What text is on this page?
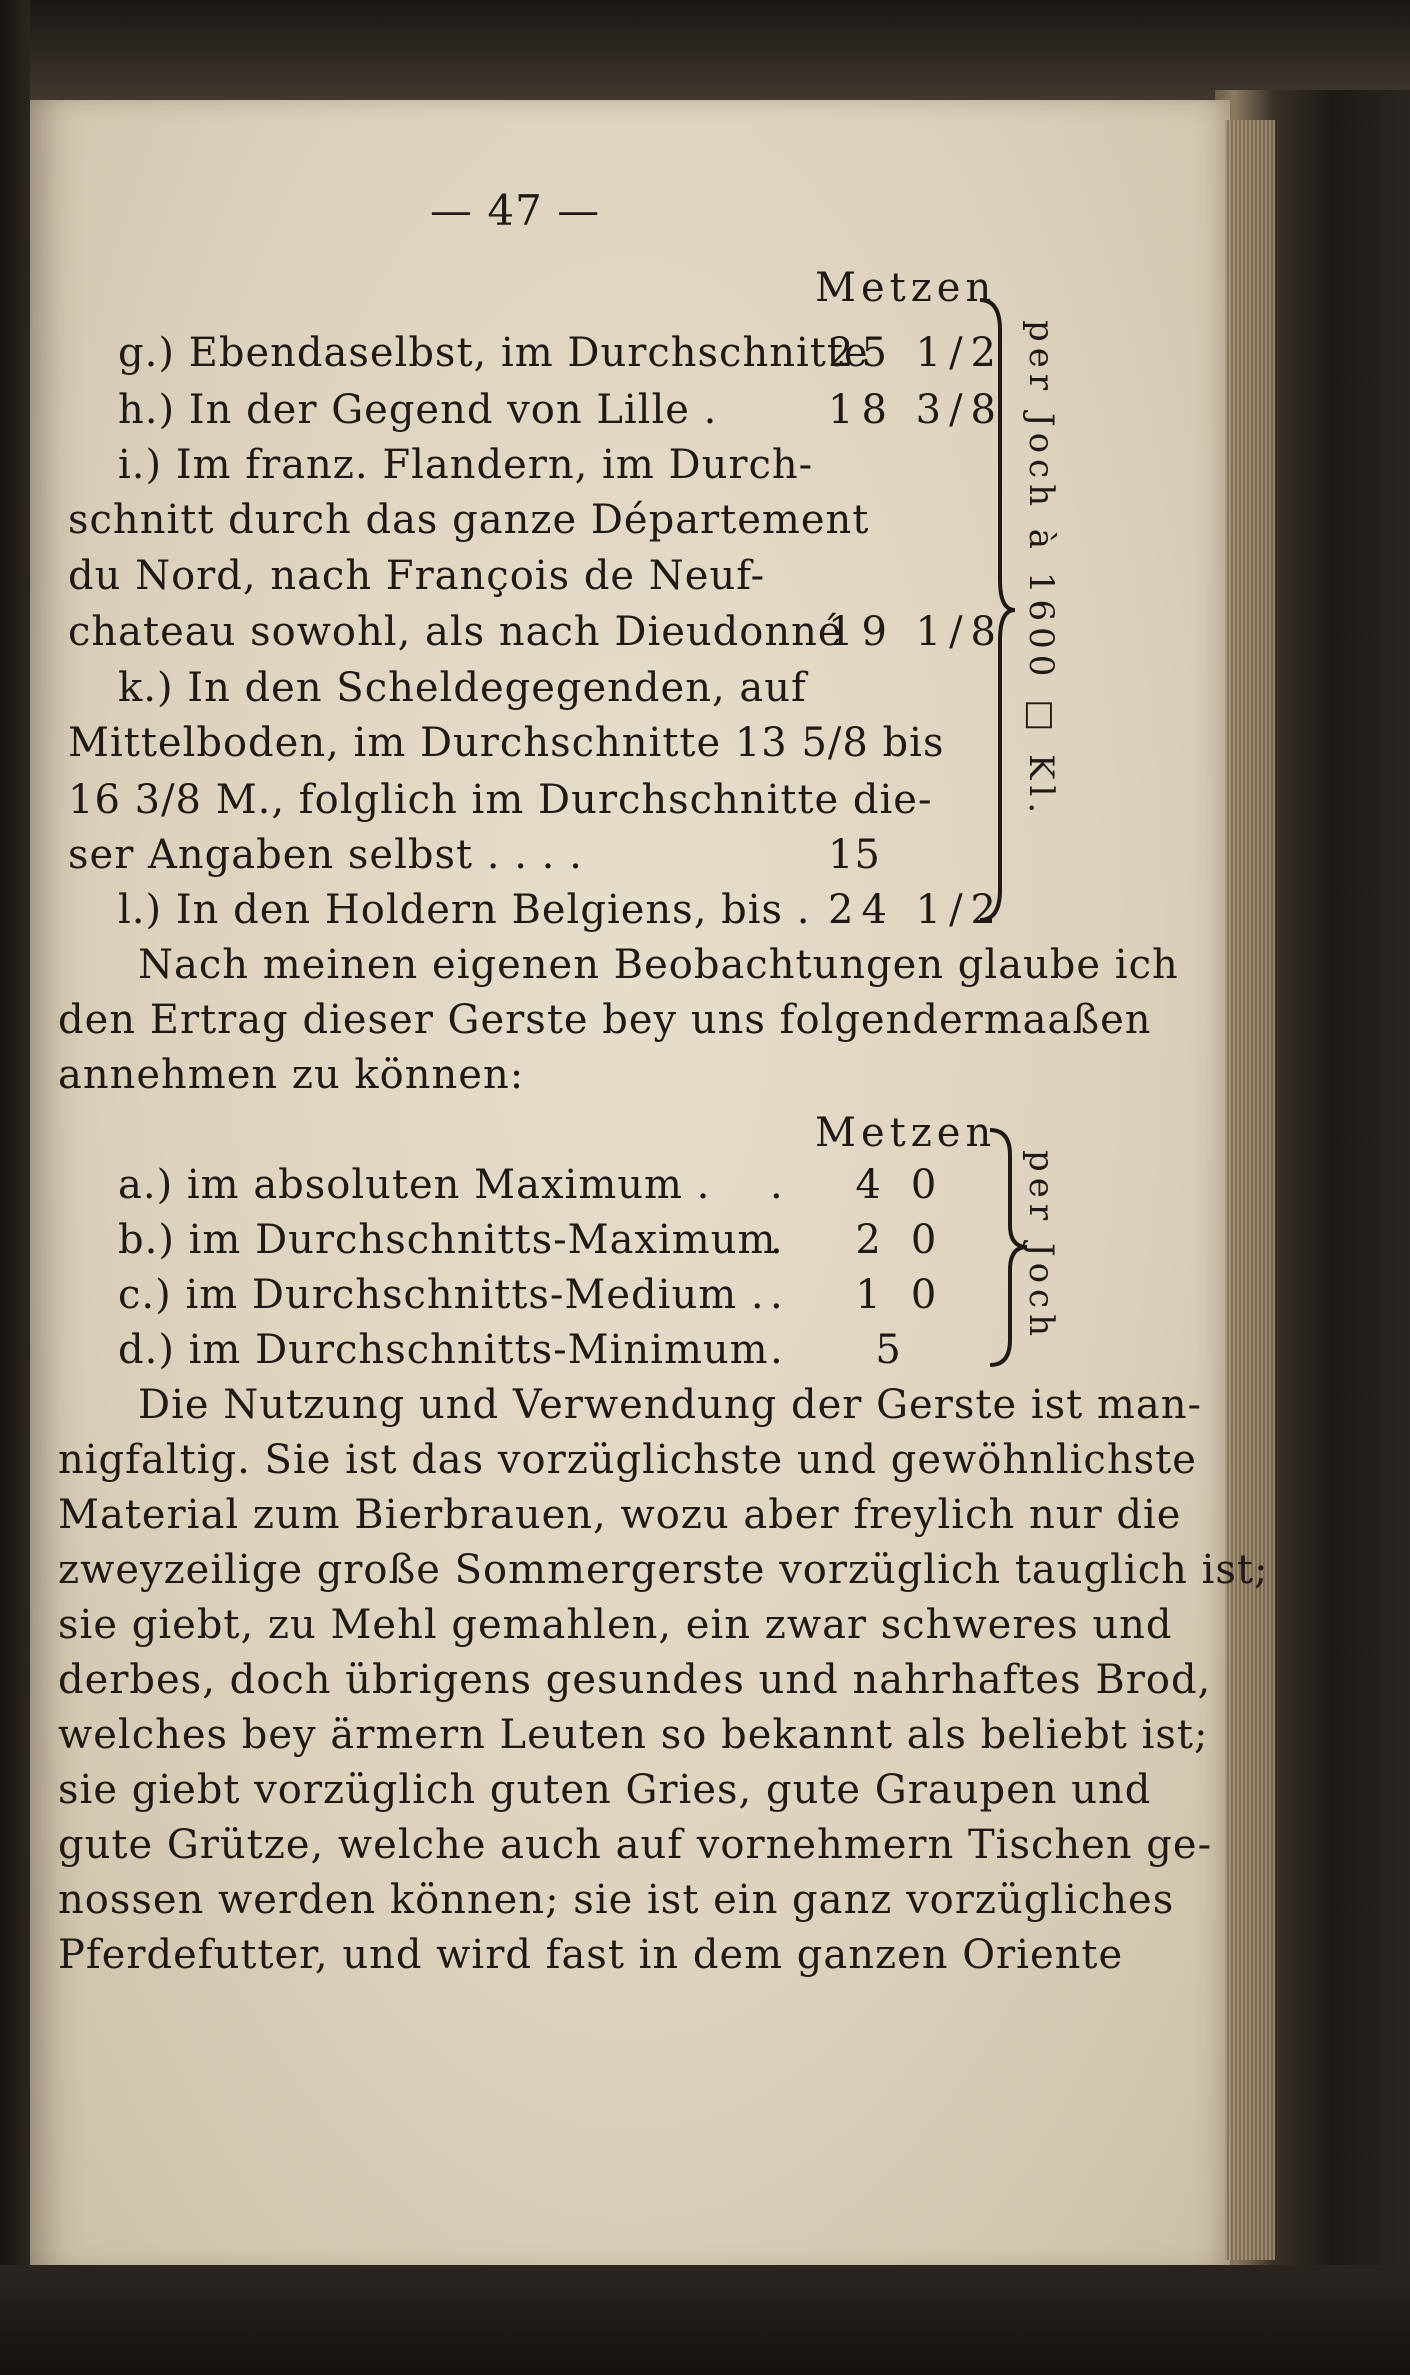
— 47 —
Metzen
g.) Ebendaselbst, im Durchschnitte
25 1/2
h.) In der Gegend von Lille .	18 3/8
i.) Im franz. Flandern, im Durch-
schnitt durch das ganze Département
du Nord, nach François de Neuf-
chateau sowohl, als nach Dieudonné
19 1/8
k.) In den Scheldegegenden, auf
Mittelboden, im Durchschnitte 13 5/8 bis
16 3/8 M., folglich im Durchschnitte die-
ser Angaben selbst . . . .	15
l.) In den Holdern Belgiens, bis . 24 1/2
per Joch à 1600 □ Kl.
Nach meinen eigenen Beobachtungen glaube ich
den Ertrag dieser Gerste bey uns folgendermaaßen
annehmen zu können:
Metzen
a.) im absoluten Maximum . . 40
b.) im Durchschnitts-Maximum
. 20
c.) im Durchschnitts-Medium . . 10
d.) im Durchschnitts-Minimum . 5
per Joch
Die Nutzung und Verwendung der Gerste ist man-
nigfaltig. Sie ist das vorzüglichste und gewöhnlichste
Material zum Bierbrauen, wozu aber freylich nur die
zweyzeilige große Sommergerste vorzüglich tauglich ist;
sie giebt, zu Mehl gemahlen, ein zwar schweres und
derbes, doch übrigens gesundes und nahrhaftes Brod,
welches bey ärmern Leuten so bekannt als beliebt ist;
sie giebt vorzüglich guten Gries, gute Graupen und
gute Grütze, welche auch auf vornehmern Tischen ge-
nossen werden können; sie ist ein ganz vorzügliches
Pferdefutter, und wird fast in dem ganzen Oriente
